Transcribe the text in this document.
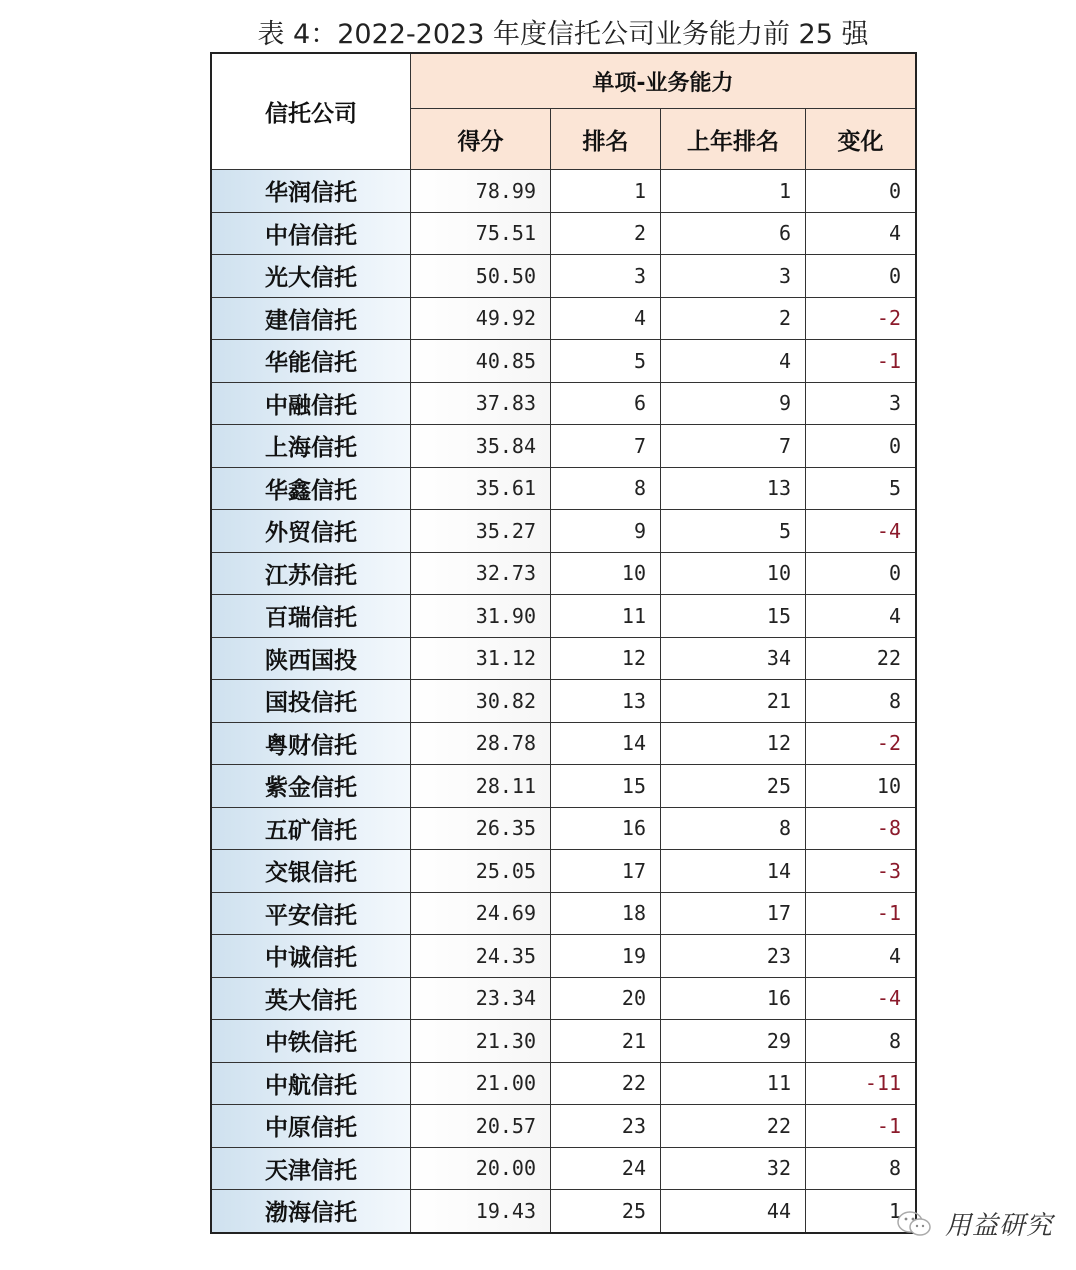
表 4：2022-2023 年度信托公司业务能力前 25 强
信托公司	单项-业务能力			
	得分	排名	上年排名	变化
华润信托	78.99	1	1	0
中信信托	75.51	2	6	4
光大信托	50.50	3	3	0
建信信托	49.92	4	2	-2
华能信托	40.85	5	4	-1
中融信托	37.83	6	9	3
上海信托	35.84	7	7	0
华鑫信托	35.61	8	13	5
外贸信托	35.27	9	5	-4
江苏信托	32.73	10	10	0
百瑞信托	31.90	11	15	4
陕西国投	31.12	12	34	22
国投信托	30.82	13	21	8
粤财信托	28.78	14	12	-2
紫金信托	28.11	15	25	10
五矿信托	26.35	16	8	-8
交银信托	25.05	17	14	-3
平安信托	24.69	18	17	-1
中诚信托	24.35	19	23	4
英大信托	23.34	20	16	-4
中铁信托	21.30	21	29	8
中航信托	21.00	22	11	-11
中原信托	20.57	23	22	-1
天津信托	20.00	24	32	8
渤海信托	19.43	25	44	1
用益研究
